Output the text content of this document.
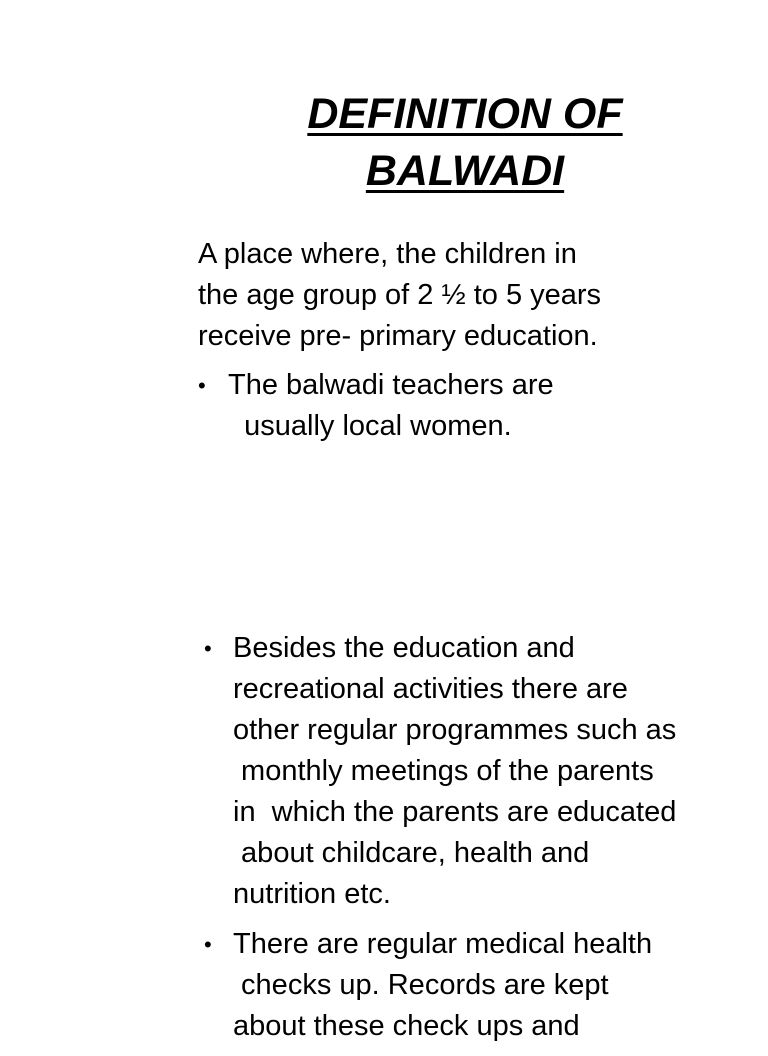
DEFINITION OF
BALWADI

A place where, the children in
the age group of 2 ½ to 5 years
receive pre- primary education.

• The balwadi teachers are
usually local women.
• Besides the education and
recreational activities there are
other regular programmes such as
monthly meetings of the parents
in  which the parents are educated
about childcare, health and
nutrition etc.
• There are regular medical health
checks up. Records are kept
about these check ups and
